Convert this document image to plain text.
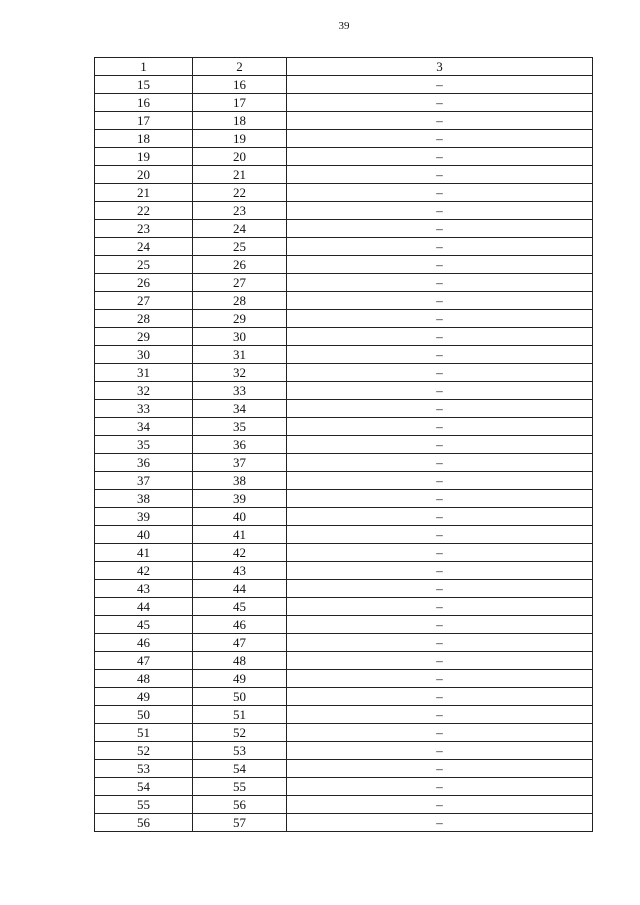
39
1	2	3
15	16	–
16	17	–
17	18	–
18	19	–
19	20	–
20	21	–
21	22	–
22	23	–
23	24	–
24	25	–
25	26	–
26	27	–
27	28	–
28	29	–
29	30	–
30	31	–
31	32	–
32	33	–
33	34	–
34	35	–
35	36	–
36	37	–
37	38	–
38	39	–
39	40	–
40	41	–
41	42	–
42	43	–
43	44	–
44	45	–
45	46	–
46	47	–
47	48	–
48	49	–
49	50	–
50	51	–
51	52	–
52	53	–
53	54	–
54	55	–
55	56	–
56	57	–
